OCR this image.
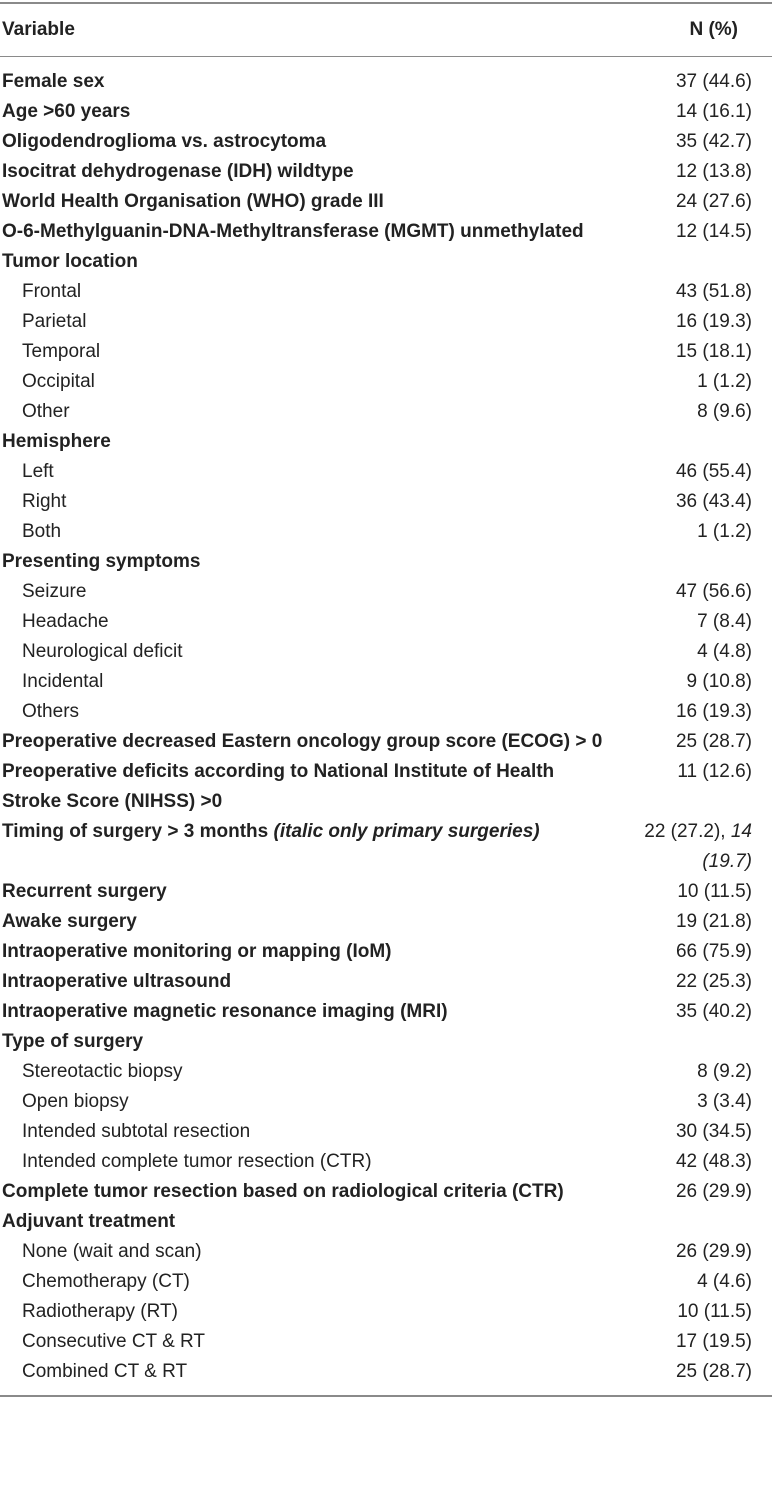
Variable	N (%)

Female sex	37 (44.6)
Age >60 years	14 (16.1)
Oligodendroglioma vs. astrocytoma	35 (42.7)
Isocitrat dehydrogenase (IDH) wildtype	12 (13.8)
World Health Organisation (WHO) grade III	24 (27.6)
O-6-Methylguanin-DNA-Methyltransferase (MGMT) unmethylated	12 (14.5)
Tumor location	
Frontal	43 (51.8)
Parietal	16 (19.3)
Temporal	15 (18.1)
Occipital	1 (1.2)
Other	8 (9.6)
Hemisphere	
Left	46 (55.4)
Right	36 (43.4)
Both	1 (1.2)
Presenting symptoms	
Seizure	47 (56.6)
Headache	7 (8.4)
Neurological deficit	4 (4.8)
Incidental	9 (10.8)
Others	16 (19.3)
Preoperative decreased Eastern oncology group score (ECOG) > 0	25 (28.7)
Preoperative deficits according to National Institute of Health Stroke Score (NIHSS) >0	11 (12.6)
Timing of surgery > 3 months (italic only primary surgeries)	22 (27.2), 14 (19.7)
Recurrent surgery	10 (11.5)
Awake surgery	19 (21.8)
Intraoperative monitoring or mapping (IoM)	66 (75.9)
Intraoperative ultrasound	22 (25.3)
Intraoperative magnetic resonance imaging (MRI)	35 (40.2)
Type of surgery	
Stereotactic biopsy	8 (9.2)
Open biopsy	3 (3.4)
Intended subtotal resection	30 (34.5)
Intended complete tumor resection (CTR)	42 (48.3)
Complete tumor resection based on radiological criteria (CTR)	26 (29.9)
Adjuvant treatment	
None (wait and scan)	26 (29.9)
Chemotherapy (CT)	4 (4.6)
Radiotherapy (RT)	10 (11.5)
Consecutive CT & RT	17 (19.5)
Combined CT & RT	25 (28.7)
